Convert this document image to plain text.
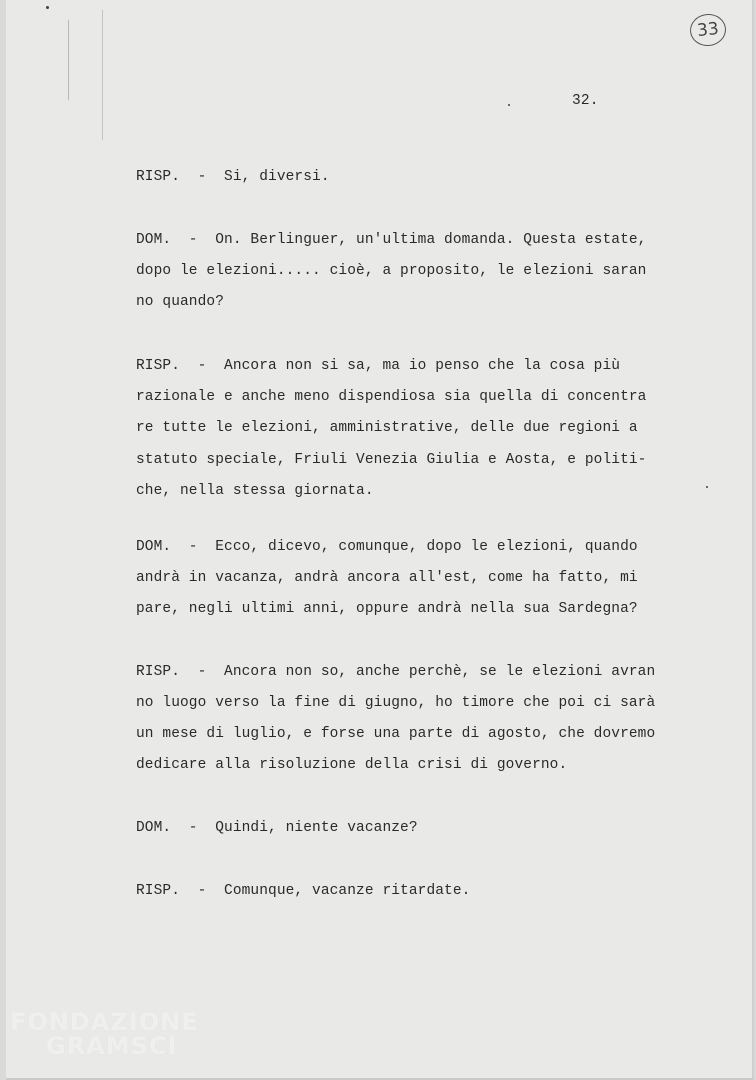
33
32.
RISP.  -  Si, diversi.
DOM.  -  On. Berlinguer, un'ultima domanda. Questa estate,
dopo le elezioni..... cioè, a proposito, le elezioni saran
no quando?
RISP.  -  Ancora non si sa, ma io penso che la cosa più
razionale e anche meno dispendiosa sia quella di concentra
re tutte le elezioni, amministrative, delle due regioni a
statuto speciale, Friuli Venezia Giulia e Aosta, e politi-
che, nella stessa giornata.
DOM.  -  Ecco, dicevo, comunque, dopo le elezioni, quando
andrà in vacanza, andrà ancora all'est, come ha fatto, mi
pare, negli ultimi anni, oppure andrà nella sua Sardegna?
RISP.  -  Ancora non so, anche perchè, se le elezioni avran
no luogo verso la fine di giugno, ho timore che poi ci sarà
un mese di luglio, e forse una parte di agosto, che dovremo
dedicare alla risoluzione della crisi di governo.
DOM.  -  Quindi, niente vacanze?
RISP.  -  Comunque, vacanze ritardate.
FONDAZIONE
GRAMSCI
